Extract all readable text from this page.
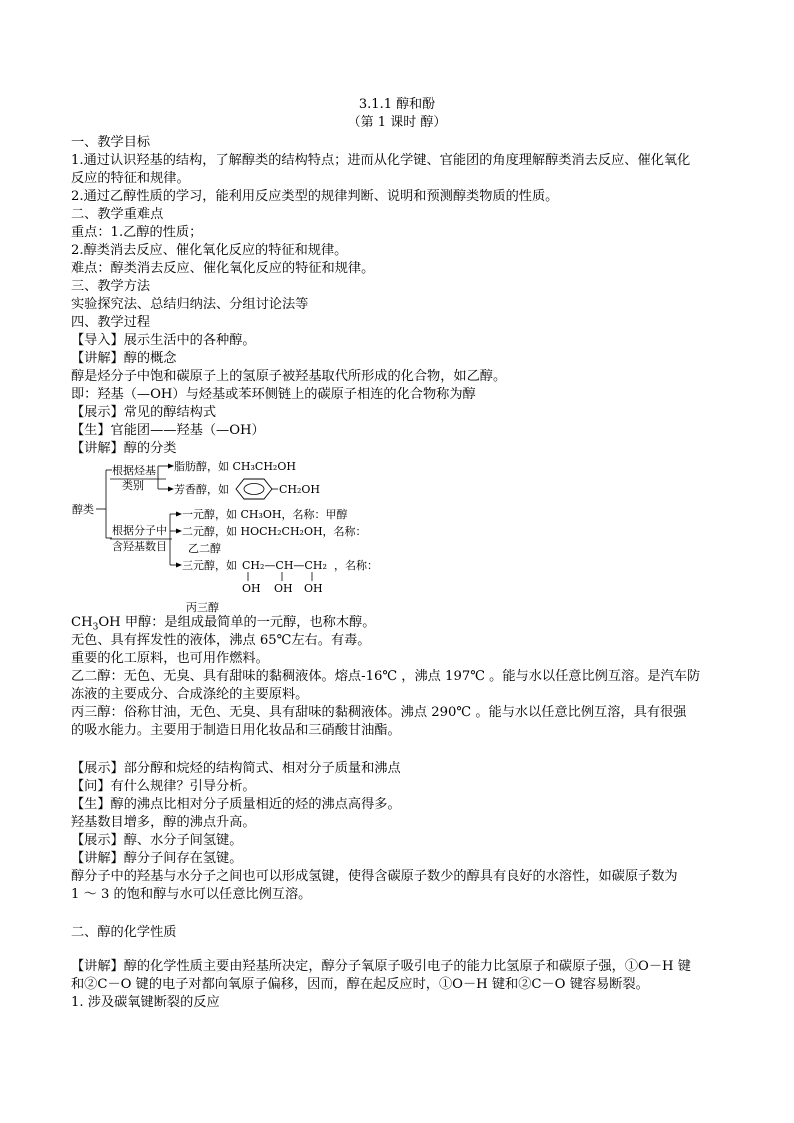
3.1.1 醇和酚
（第 1 课时 醇）
一、教学目标
1.通过认识羟基的结构，了解醇类的结构特点；进而从化学键、官能团的角度理解醇类消去反应、催化氧化
反应的特征和规律。
2.通过乙醇性质的学习，能利用反应类型的规律判断、说明和预测醇类物质的性质。
二、教学重难点
重点：1.乙醇的性质；
2.醇类消去反应、催化氧化反应的特征和规律。
难点：醇类消去反应、催化氧化反应的特征和规律。
三、教学方法
实验探究法、总结归纳法、分组讨论法等
四、教学过程
【导入】展示生活中的各种醇。
【讲解】醇的概念
醇是烃分子中饱和碳原子上的氢原子被羟基取代所形成的化合物，如乙醇。
即：羟基（—OH）与烃基或苯环侧链上的碳原子相连的化合物称为醇
【展示】常见的醇结构式
【生】官能团——羟基（—OH）
【讲解】醇的分类
醇类
根据烃基
类别
脂肪醇，如 CH₃CH₂OH
芳香醇，如	CH₂OH
根据分子中
含羟基数目
一元醇，如 CH₃OH，名称：甲醇
二元醇，如 HOCH₂CH₂OH，名称：
乙二醇
三元醇，如 CH₂—CH—CH₂ ，名称：
OH OH OH
丙三醇
$CH_3OH$ 甲醇：是组成最简单的一元醇，也称木醇。
无色、具有挥发性的液体，沸点 65℃左右。有毒。
重要的化工原料，也可用作燃料。
乙二醇：无色、无臭、具有甜味的黏稠液体。熔点-16℃ ，沸点 197℃ 。能与水以任意比例互溶。是汽车防
冻液的主要成分、合成涤纶的主要原料。
丙三醇：俗称甘油，无色、无臭、具有甜味的黏稠液体。沸点 290℃ 。能与水以任意比例互溶，具有很强
的吸水能力。主要用于制造日用化妆品和三硝酸甘油酯。
【展示】部分醇和烷烃的结构简式、相对分子质量和沸点
【问】有什么规律？引导分析。
【生】醇的沸点比相对分子质量相近的烃的沸点高得多。
羟基数目增多，醇的沸点升高。
【展示】醇、水分子间氢键。
【讲解】醇分子间存在氢键。
醇分子中的羟基与水分子之间也可以形成氢键，使得含碳原子数少的醇具有良好的水溶性，如碳原子数为
1 ～ 3 的饱和醇与水可以任意比例互溶。
二、醇的化学性质
【讲解】醇的化学性质主要由羟基所决定，醇分子氧原子吸引电子的能力比氢原子和碳原子强，①O－H 键
和②C－O 键的电子对都向氧原子偏移，因而，醇在起反应时，①O－H 键和②C－O 键容易断裂。
1. 涉及碳氧键断裂的反应
